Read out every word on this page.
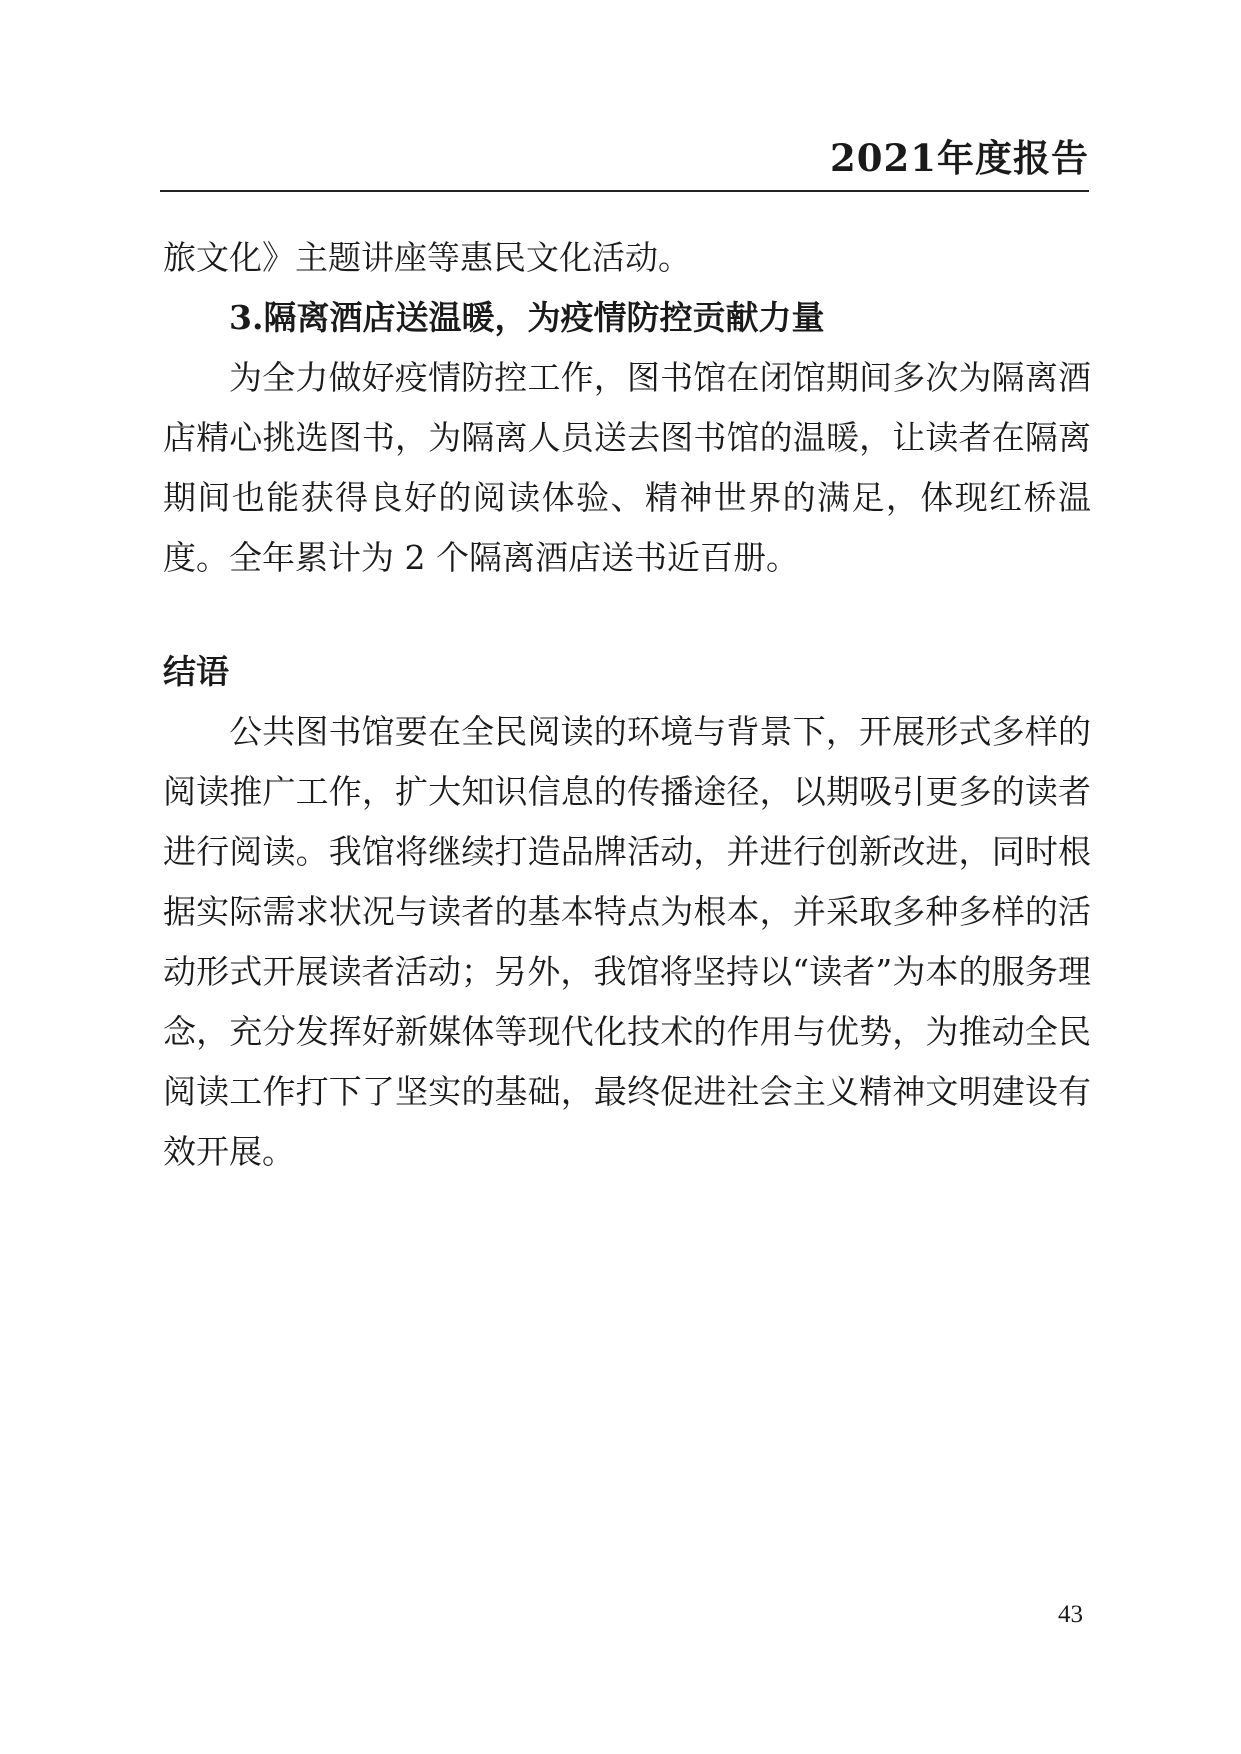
2021年度报告

旅文化》主题讲座等惠民文化活动。

3.隔离酒店送温暖，为疫情防控贡献力量

为全力做好疫情防控工作，图书馆在闭馆期间多次为隔离酒店精心挑选图书，为隔离人员送去图书馆的温暖，让读者在隔离期间也能获得良好的阅读体验、精神世界的满足，体现红桥温度。全年累计为 2 个隔离酒店送书近百册。

结语

公共图书馆要在全民阅读的环境与背景下，开展形式多样的阅读推广工作，扩大知识信息的传播途径，以期吸引更多的读者进行阅读。我馆将继续打造品牌活动，并进行创新改进，同时根据实际需求状况与读者的基本特点为根本，并采取多种多样的活动形式开展读者活动；另外，我馆将坚持以“读者”为本的服务理念，充分发挥好新媒体等现代化技术的作用与优势，为推动全民阅读工作打下了坚实的基础，最终促进社会主义精神文明建设有效开展。

43
